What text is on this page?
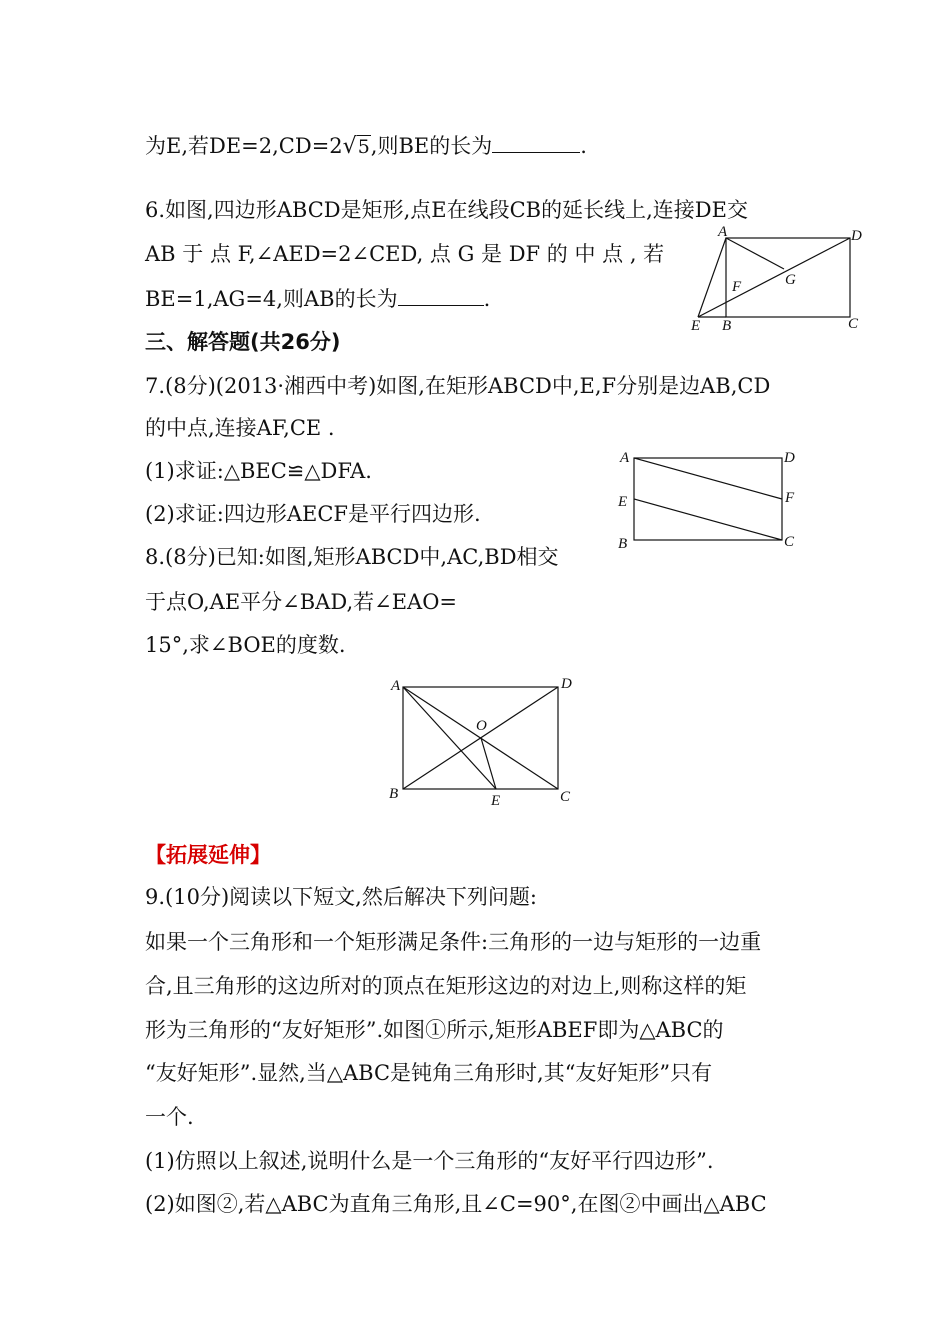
为E,若DE=2,CD=2√5,则BE的长为	.
6.如图,四边形ABCD是矩形,点E在线段CB的延长线上,连接DE交
AB 于 点 F,∠AED=2∠CED, 点 G 是 DF 的 中 点 , 若
BE=1,AG=4,则AB的长为	.
A	D
G
F
E B	C
三、解答题(共26分)
7.(8分)(2013·湘西中考)如图,在矩形ABCD中,E,F分别是边AB,CD
的中点,连接AF,CE .
(1)求证:△BEC≌△DFA.
(2)求证:四边形AECF是平行四边形.
A	D
E	F
B	C
8.(8分)已知:如图,矩形ABCD中,AC,BD相交
于点O,AE平分∠BAD,若∠EAO=
15°,求∠BOE的度数.
A	D
O
B	E	C
【拓展延伸】
9.(10分)阅读以下短文,然后解决下列问题:
如果一个三角形和一个矩形满足条件:三角形的一边与矩形的一边重
合,且三角形的这边所对的顶点在矩形这边的对边上,则称这样的矩
形为三角形的“友好矩形”.如图①所示,矩形ABEF即为△ABC的
“友好矩形”.显然,当△ABC是钝角三角形时,其“友好矩形”只有
一个.
(1)仿照以上叙述,说明什么是一个三角形的“友好平行四边形”.
(2)如图②,若△ABC为直角三角形,且∠C=90°,在图②中画出△ABC
